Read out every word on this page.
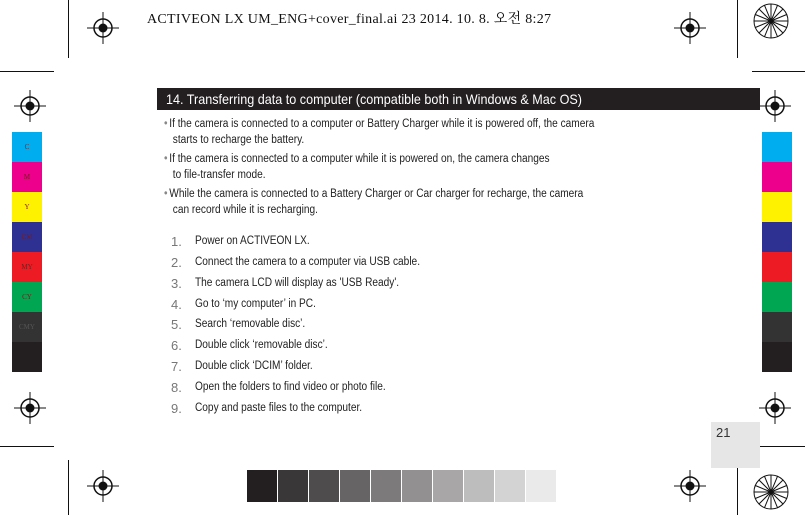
ACTIVEON LX UM_ENG+cover_final.ai 23 2014. 10. 8. 오전 8:27
C
M
Y
CM
MY
CY
CMY
14. Transferring data to computer (compatible both in Windows & Mac OS)
• If the camera is connected to a computer or Battery Charger while it is powered off, the camera
starts to recharge the battery.
• If the camera is connected to a computer while it is powered on, the camera changes
to file-transfer mode.
• While the camera is connected to a Battery Charger or Car charger for recharge, the camera
can record while it is recharging.
1.	Power on ACTIVEON LX.
2.	Connect the camera to a computer via USB cable.
3.	The camera LCD will display as 'USB Ready'.
4.	Go to ‘my computer’ in PC.
5.	Search ‘removable disc’.
6.	Double click ‘removable disc’.
7.	Double click ‘DCIM’ folder.
8.	Open the folders to find video or photo file.
9.	Copy and paste files to the computer.
21
